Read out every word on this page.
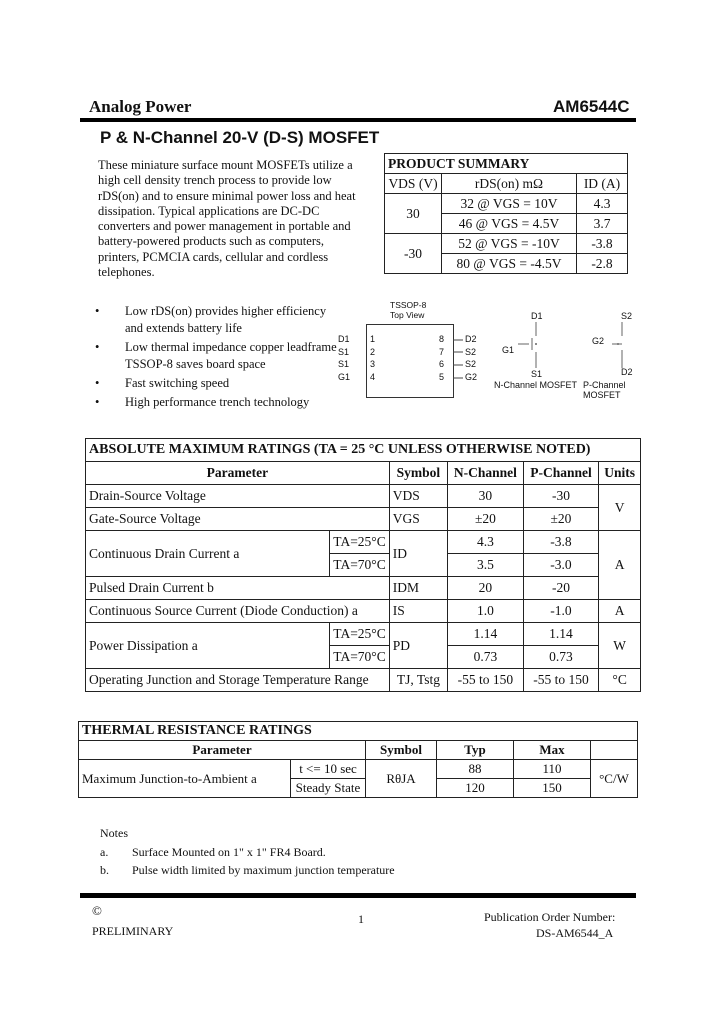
Analog Power	AM6544C
P & N-Channel 20-V (D-S) MOSFET
These miniature surface mount MOSFETs utilize a
high cell density trench process to provide low
rDS(on) and to ensure minimal power loss and heat
dissipation. Typical applications are DC-DC
converters and power management in portable and
battery-powered products such as computers,
printers, PCMCIA cards, cellular and cordless
telephones.
PRODUCT SUMMARY		
VDS (V)	rDS(on) mΩ	ID (A)
30	32 @ VGS = 10V	4.3
	46 @ VGS = 4.5V	3.7
-30	52 @ VGS = -10V	-3.8
	80 @ VGS = -4.5V	-2.8
• Low rDS(on) provides higher efficiency and extends battery life
• Low thermal impedance copper leadframe TSSOP-8 saves board space
• Fast switching speed
• High performance trench technology
TSSOP-8
Top View
D1
S1
S1
G1
1
2
3
4
8
7
6
5
D2
S2
S2
G2
D1
G1
S1
N-Channel MOSFET
S2
G2
D2
P-Channel MOSFET
ABSOLUTE MAXIMUM RATINGS (TA = 25 °C UNLESS OTHERWISE NOTED)					
Parameter		Symbol	N-Channel	P-Channel	Units
Drain-Source Voltage		VDS	30	-30	V
Gate-Source Voltage		VGS	±20	±20	
Continuous Drain Current a	TA=25°C	ID	4.3	-3.8	A
	TA=70°C		3.5	-3.0	
Pulsed Drain Current b		IDM	20	-20	
Continuous Source Current (Diode Conduction) a		IS	1.0	-1.0	A
Power Dissipation a	TA=25°C	PD	1.14	1.14	W
	TA=70°C		0.73	0.73	
Operating Junction and Storage Temperature Range		TJ, Tstg	-55 to 150	-55 to 150	°C
THERMAL RESISTANCE RATINGS					
Parameter		Symbol	Typ	Max	
Maximum Junction-to-Ambient a	t <= 10 sec	RθJA	88	110	°C/W
	Steady State		120	150	
Notes
a. Surface Mounted on 1" x 1" FR4 Board.
b. Pulse width limited by maximum junction temperature
©
PRELIMINARY
1	Publication Order Number:
DS-AM6544_A
